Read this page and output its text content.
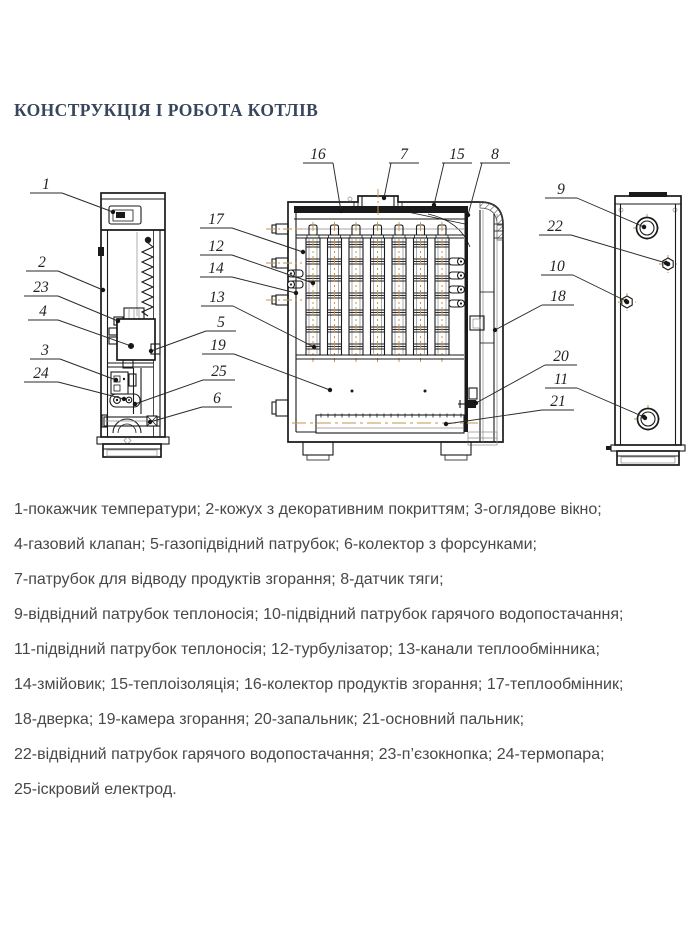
КОНСТРУКЦІЯ І РОБОТА КОТЛІВ
1
2
23
4
3
24
17
12
14
13
5
19
25
6
16	7	15 8
9
22
10
18
20
11
21

1-покажчик температури; 2-кожух з декоративним покриттям; 3-оглядове вікно;

4-газовий клапан; 5-газопідвідний патрубок; 6-колектор з форсунками;

7-патрубок для відводу продуктів згорання; 8-датчик тяги;

9-відвідний патрубок теплоносія; 10-підвідний патрубок гарячого водопостачання;

11-підвідний патрубок теплоносія; 12-турбулізатор; 13-канали теплообмінника;

14-змійовик; 15-теплоізоляція; 16-колектор продуктів згорання; 17-теплообмінник;

18-дверка; 19-камера згорання; 20-запальник; 21-основний пальник;

22-відвідний патрубок гарячого водопостачання; 23-п’єзокнопка; 24-термопара;

25-іскровий електрод.
